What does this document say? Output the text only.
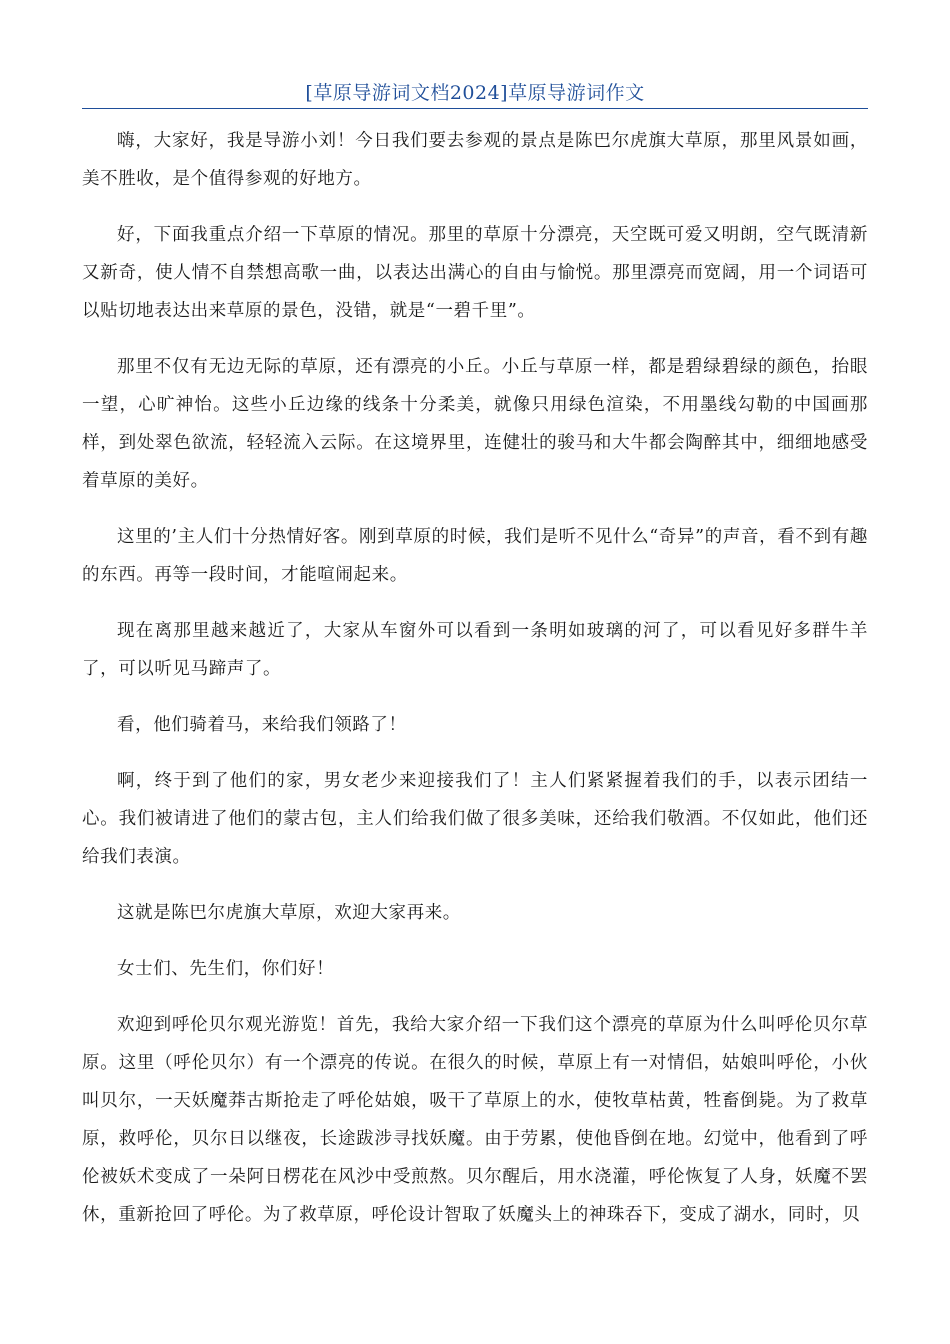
[草原导游词文档2024]草原导游词作文

嗨，大家好，我是导游小刘！今日我们要去参观的景点是陈巴尔虎旗大草原，那里风景如画，美不胜收，是个值得参观的好地方。

好，下面我重点介绍一下草原的情况。那里的草原十分漂亮，天空既可爱又明朗，空气既清新又新奇，使人情不自禁想高歌一曲，以表达出满心的自由与愉悦。那里漂亮而宽阔，用一个词语可以贴切地表达出来草原的景色，没错，就是“一碧千里”。

那里不仅有无边无际的草原，还有漂亮的小丘。小丘与草原一样，都是碧绿碧绿的颜色，抬眼一望，心旷神怡。这些小丘边缘的线条十分柔美，就像只用绿色渲染，不用墨线勾勒的中国画那样，到处翠色欲流，轻轻流入云际。在这境界里，连健壮的骏马和大牛都会陶醉其中，细细地感受着草原的美好。

这里的’主人们十分热情好客。刚到草原的时候，我们是听不见什么“奇异”的声音，看不到有趣的东西。再等一段时间，才能喧闹起来。

现在离那里越来越近了，大家从车窗外可以看到一条明如玻璃的河了，可以看见好多群牛羊了，可以听见马蹄声了。

看，他们骑着马，来给我们领路了！

啊，终于到了他们的家，男女老少来迎接我们了！主人们紧紧握着我们的手，以表示团结一心。我们被请进了他们的蒙古包，主人们给我们做了很多美味，还给我们敬酒。不仅如此，他们还给我们表演。

这就是陈巴尔虎旗大草原，欢迎大家再来。

女士们、先生们，你们好！

欢迎到呼伦贝尔观光游览！首先，我给大家介绍一下我们这个漂亮的草原为什么叫呼伦贝尔草原。这里（呼伦贝尔）有一个漂亮的传说。在很久的时候，草原上有一对情侣，姑娘叫呼伦，小伙叫贝尔，一天妖魔莽古斯抢走了呼伦姑娘，吸干了草原上的水，使牧草枯黄，牲畜倒毙。为了救草原，救呼伦，贝尔日以继夜，长途跋涉寻找妖魔。由于劳累，使他昏倒在地。幻觉中，他看到了呼伦被妖术变成了一朵阿日楞花在风沙中受煎熬。贝尔醒后，用水浇灌，呼伦恢复了人身，妖魔不罢休，重新抢回了呼伦。为了救草原，呼伦设计智取了妖魔头上的神珠吞下，变成了湖水，同时，贝
